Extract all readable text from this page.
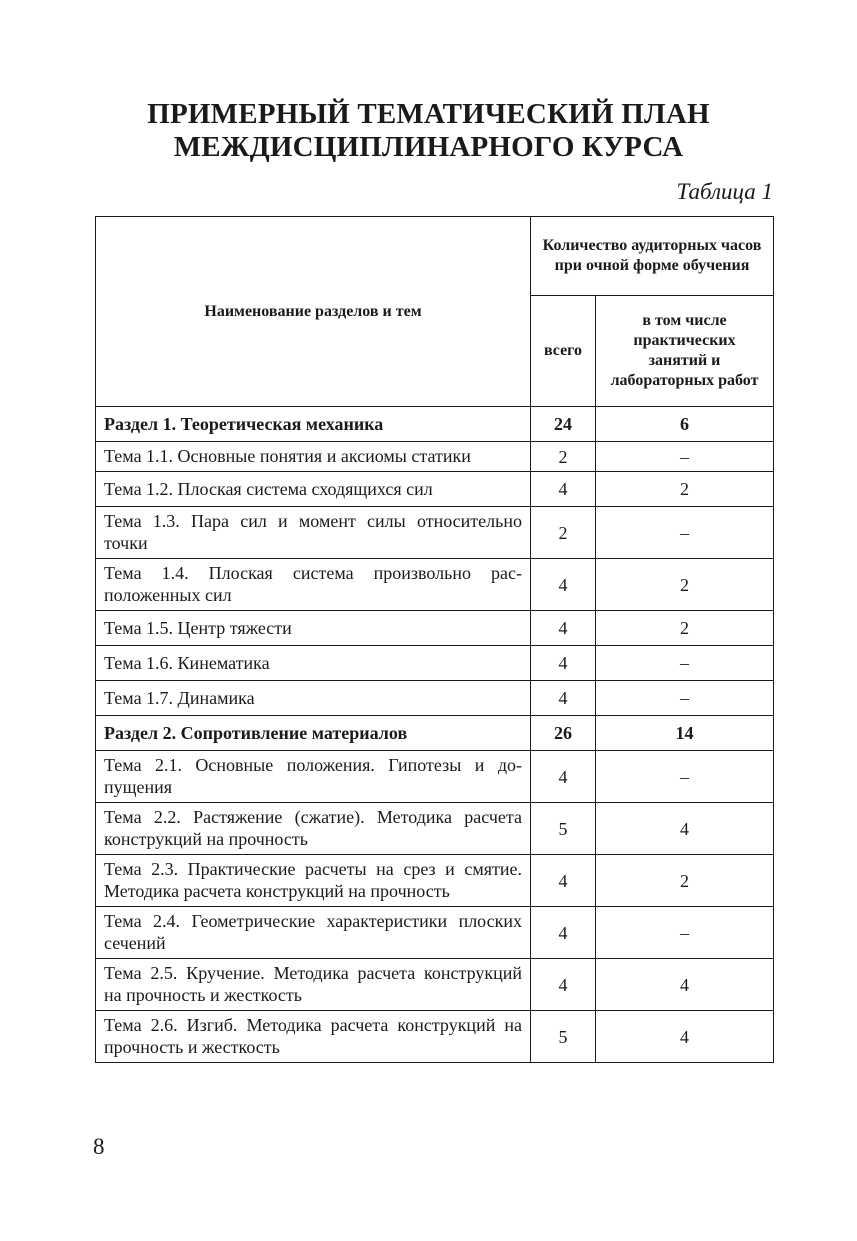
ПРИМЕРНЫЙ ТЕМАТИЧЕСКИЙ ПЛАН
МЕЖДИСЦИПЛИНАРНОГО КУРСА
Таблица 1
Наименование разделов и тем	Количество аудиторных часов при очной форме обучения	

	всего	в том числе практических занятий и лабораторных работ

Раздел 1. Теоретическая механика	24	6
Тема 1.1. Основные понятия и аксиомы статики	2	–
Тема 1.2. Плоская система сходящихся сил	4	2
Тема 1.3. Пара сил и момент силы относительно точки	2	–
Тема 1.4. Плоская система произвольно расположенных сил	4	2
Тема 1.5. Центр тяжести	4	2
Тема 1.6. Кинематика	4	–
Тема 1.7. Динамика	4	–
Раздел 2. Сопротивление материалов	26	14
Тема 2.1. Основные положения. Гипотезы и допущения	4	–
Тема 2.2. Растяжение (сжатие). Методика расчета конструкций на прочность	5	4
Тема 2.3. Практические расчеты на срез и смятие. Методика расчета конструкций на прочность	4	2
Тема 2.4. Геометрические характеристики плоских сечений	4	–
Тема 2.5. Кручение. Методика расчета конструкций на прочность и жесткость	4	4
Тема 2.6. Изгиб. Методика расчета конструкций на прочность и жесткость	5	4
8
